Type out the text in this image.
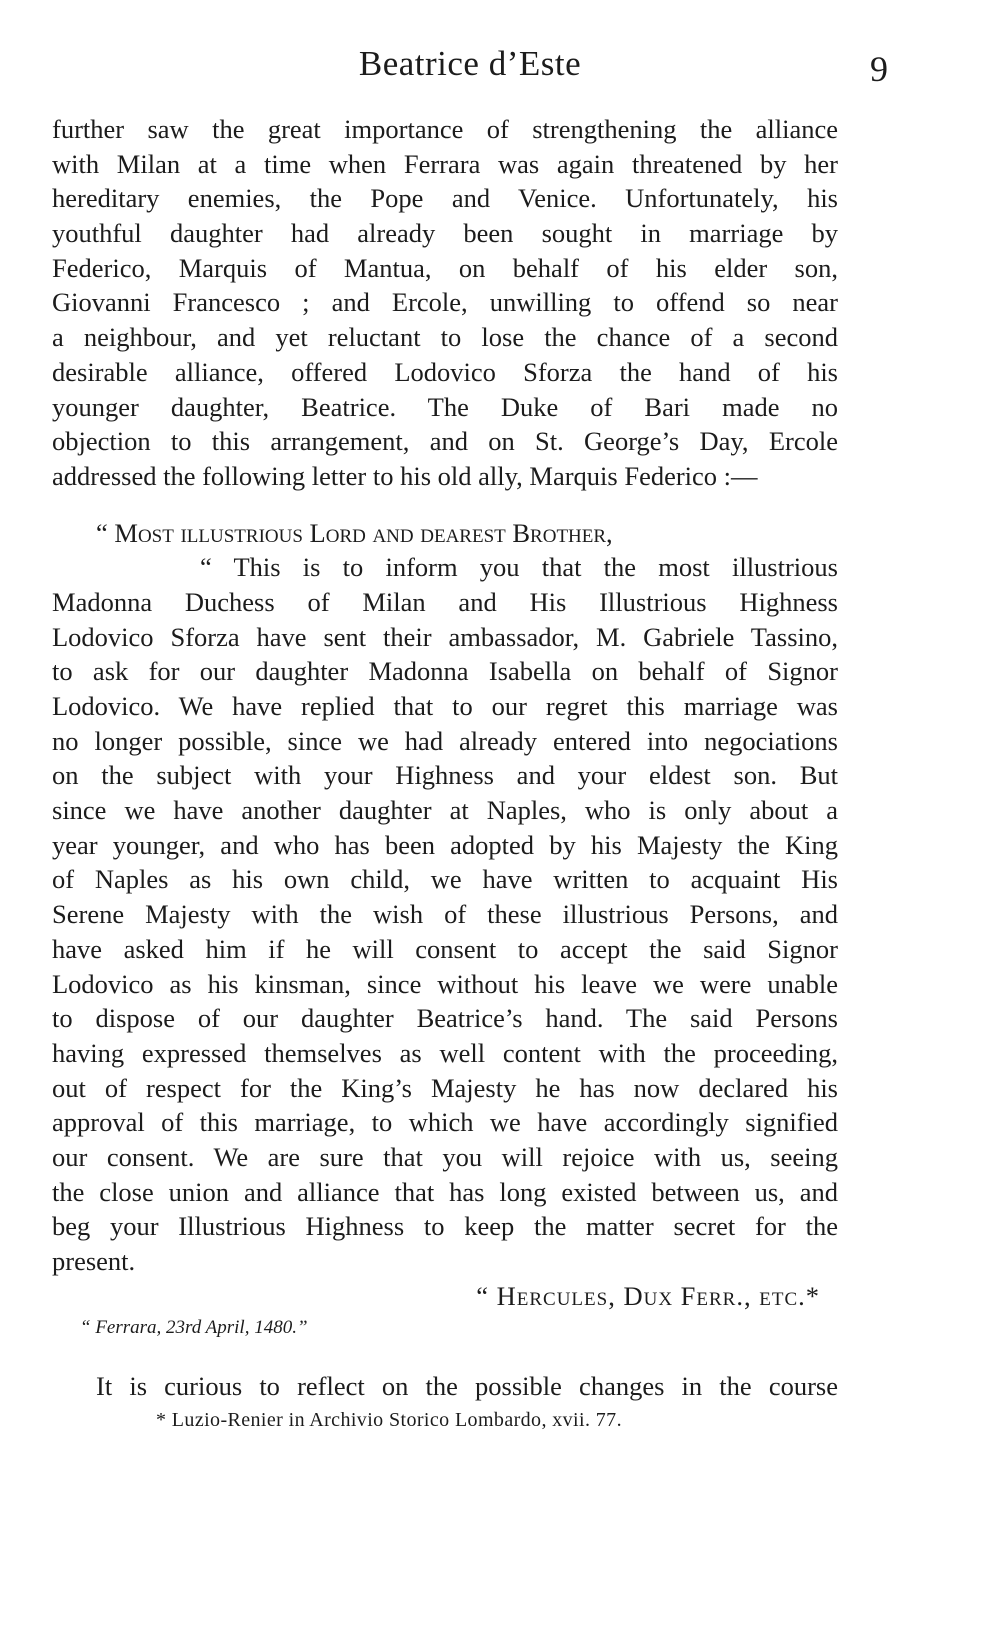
Beatrice d’Este	9
further saw the great importance of strengthening the alliance
with Milan at a time when Ferrara was again threatened by her
hereditary enemies, the Pope and Venice. Unfortunately, his
youthful daughter had already been sought in marriage by
Federico, Marquis of Mantua, on behalf of his elder son,
Giovanni Francesco ; and Ercole, unwilling to offend so near
a neighbour, and yet reluctant to lose the chance of a second
desirable alliance, offered Lodovico Sforza the hand of his
younger daughter, Beatrice. The Duke of Bari made no
objection to this arrangement, and on St. George’s Day, Ercole
addressed the following letter to his old ally, Marquis Federico :—
“ Most illustrious Lord and dearest Brother,
“ This is to inform you that the most illustrious
Madonna Duchess of Milan and His Illustrious Highness
Lodovico Sforza have sent their ambassador, M. Gabriele Tassino,
to ask for our daughter Madonna Isabella on behalf of Signor
Lodovico. We have replied that to our regret this marriage was
no longer possible, since we had already entered into negociations
on the subject with your Highness and your eldest son. But
since we have another daughter at Naples, who is only about a
year younger, and who has been adopted by his Majesty the King
of Naples as his own child, we have written to acquaint His
Serene Majesty with the wish of these illustrious Persons, and
have asked him if he will consent to accept the said Signor
Lodovico as his kinsman, since without his leave we were unable
to dispose of our daughter Beatrice’s hand. The said Persons
having expressed themselves as well content with the proceeding,
out of respect for the King’s Majesty he has now declared his
approval of this marriage, to which we have accordingly signified
our consent. We are sure that you will rejoice with us, seeing
the close union and alliance that has long existed between us, and
beg your Illustrious Highness to keep the matter secret for the
present.
“ Hercules, Dux Ferr., etc.*
“ Ferrara, 23rd April, 1480.”
It is curious to reflect on the possible changes in the course
* Luzio-Renier in Archivio Storico Lombardo, xvii. 77.
